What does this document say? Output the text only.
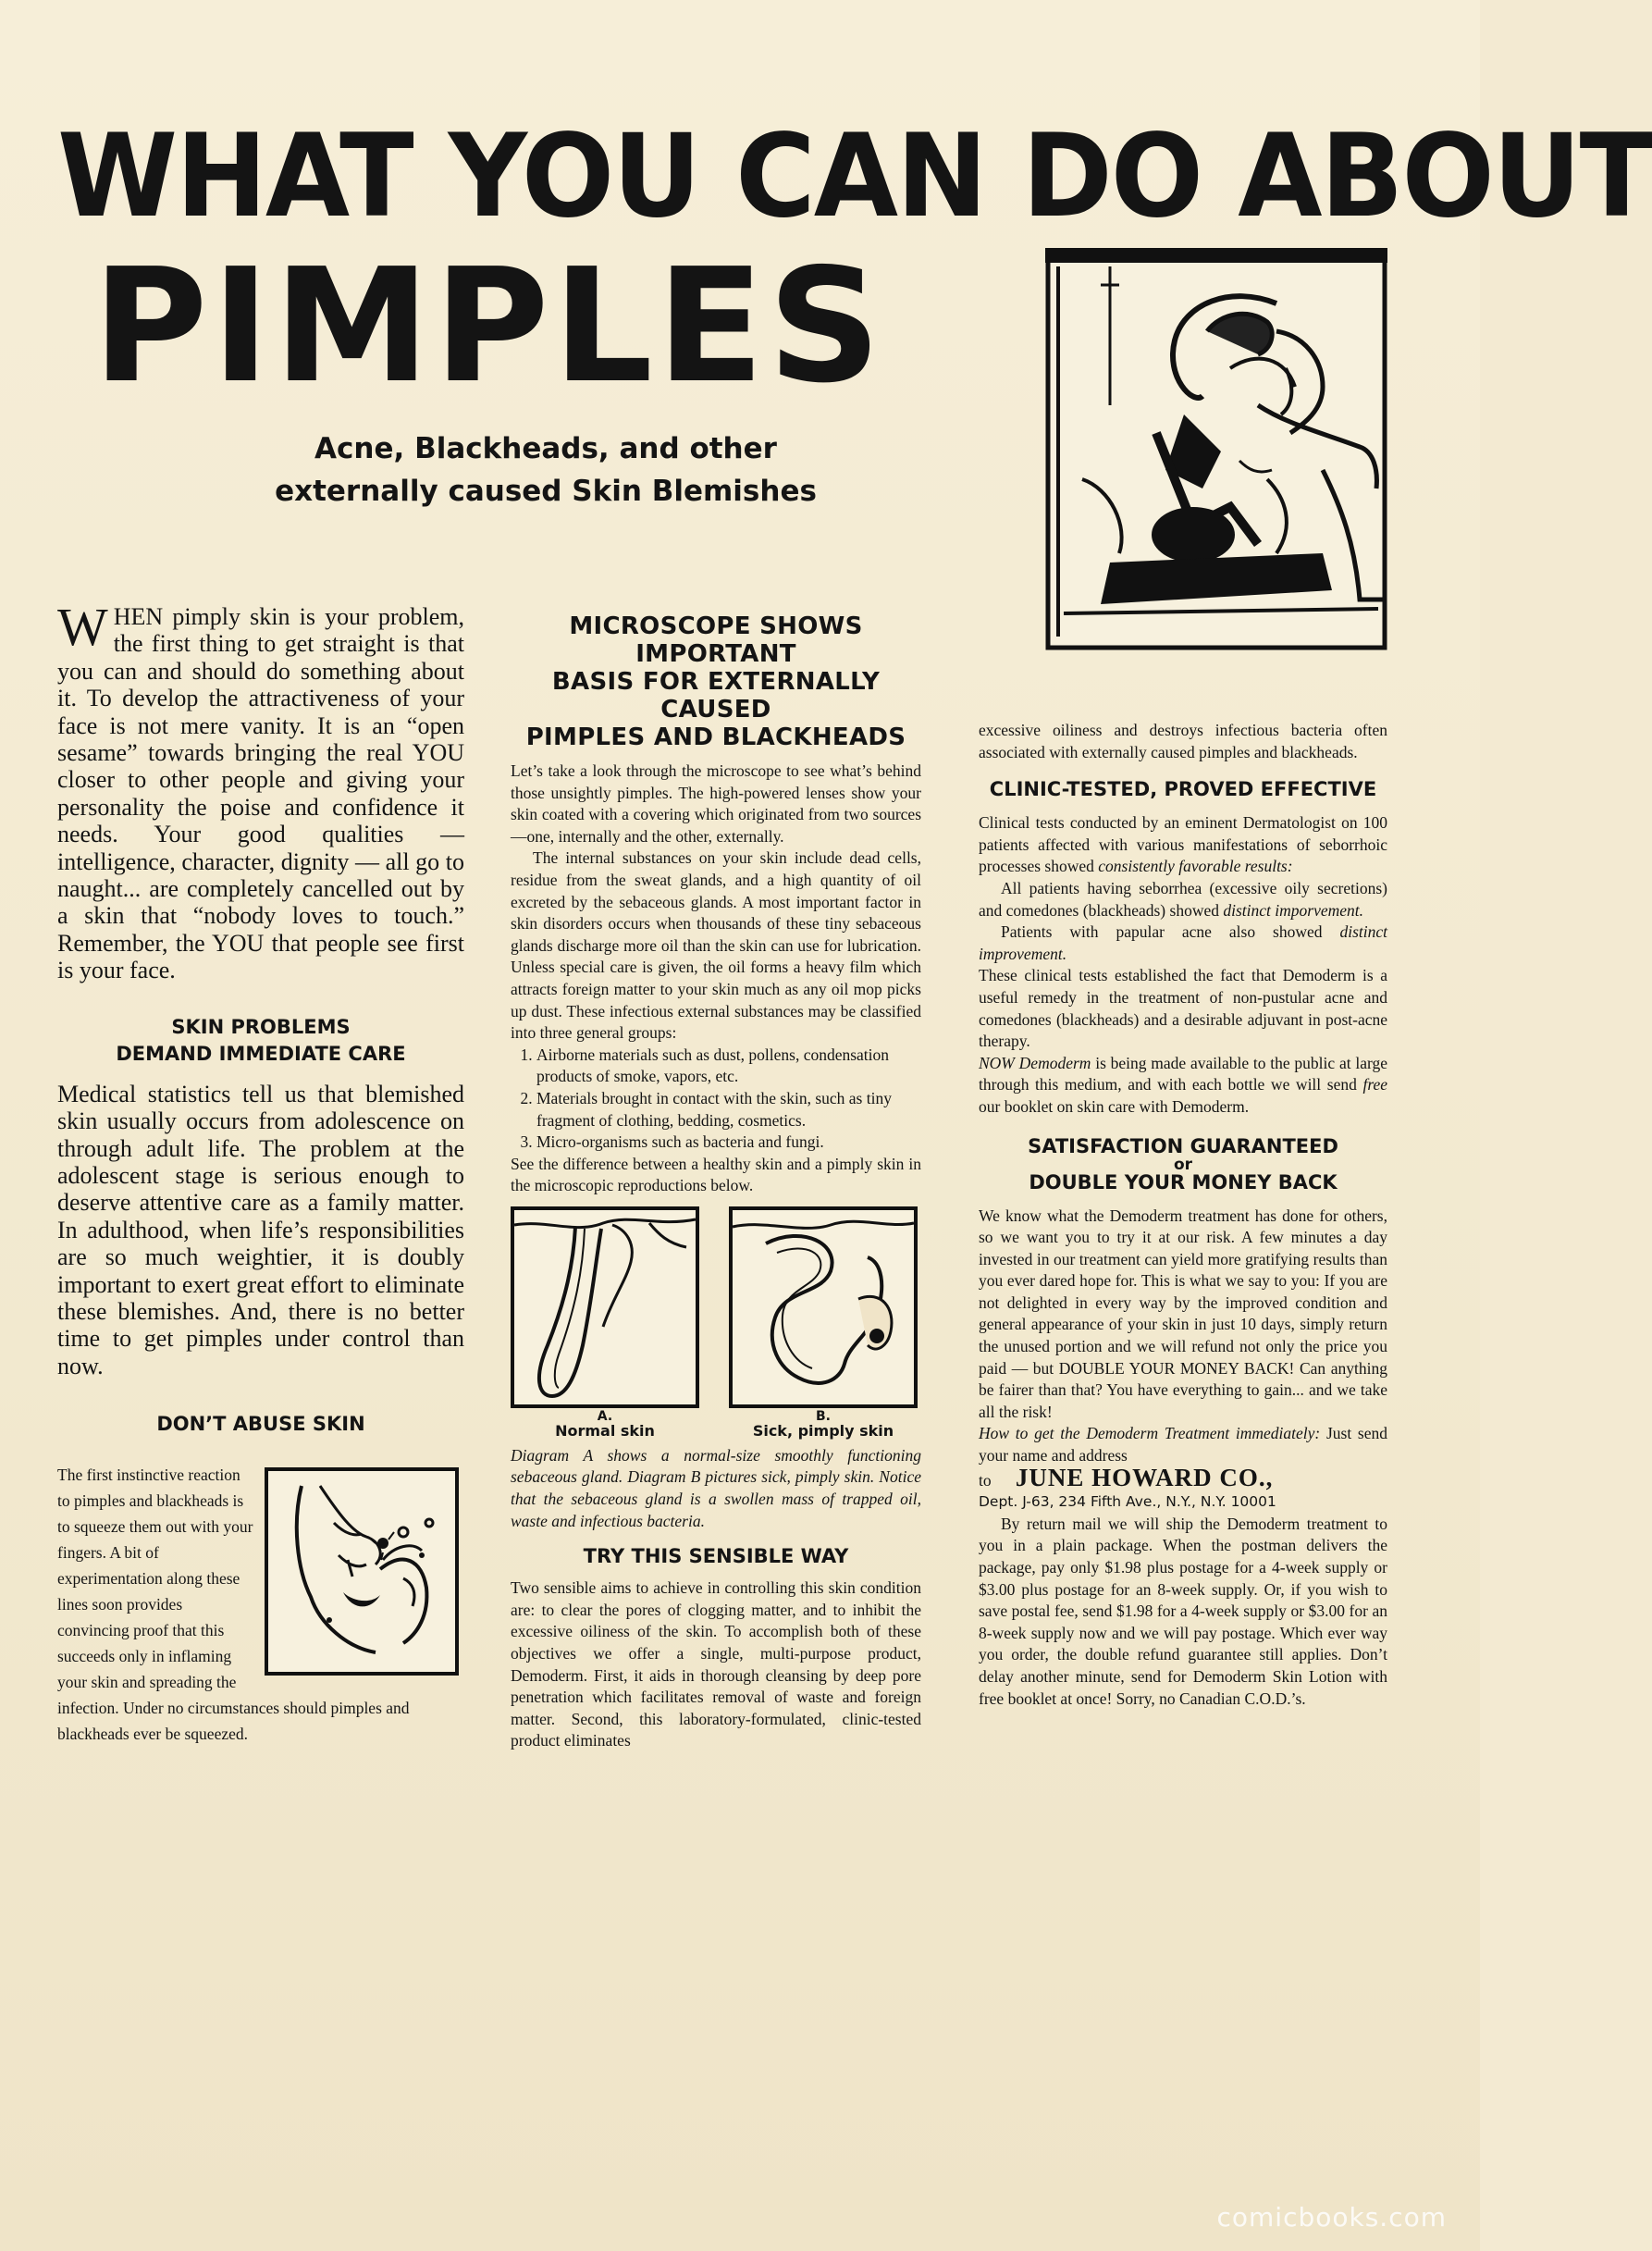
WHAT YOU CAN DO ABOUT
PIMPLES
Acne, Blackheads, and other
externally caused Skin Blemishes

WHEN pimply skin is your problem, the first thing to get straight is that you can and should do something about it. To develop the attractiveness of your face is not mere vanity. It is an “open sesame” towards bringing the real YOU closer to other people and giving your personality the poise and confidence it needs. Your good qualities — intelligence, character, dignity — all go to naught... are completely cancelled out by a skin that “nobody loves to touch.” Remember, the YOU that people see first is your face.

SKIN PROBLEMS

DEMAND IMMEDIATE CARE

Medical statistics tell us that blemished skin usually occurs from adolescence on through adult life. The problem at the adolescent stage is serious enough to deserve attentive care as a family matter. In adulthood, when life’s responsibilities are so much weightier, it is doubly important to exert great effort to eliminate these blemishes. And, there is no better time to get pimples under control than now.

DON’T ABUSE SKIN

The first instinctive reaction to pimples and blackheads is to squeeze them out with your fingers. A bit of experimentation along these lines soon provides convincing proof that this succeeds only in inflaming your skin and spreading the infection. Under no circumstances should pimples and blackheads ever be squeezed.

MICROSCOPE SHOWS IMPORTANT

BASIS FOR EXTERNALLY CAUSED

PIMPLES AND BLACKHEADS

Let’s take a look through the microscope to see what’s behind those unsightly pimples. The high-powered lenses show your skin coated with a covering which originated from two sources—one, internally and the other, externally.

The internal substances on your skin include dead cells, residue from the sweat glands, and a high quantity of oil excreted by the sebaceous glands. A most important factor in skin disorders occurs when thousands of these tiny sebaceous glands discharge more oil than the skin can use for lubrication. Unless special care is given, the oil forms a heavy film which attracts foreign matter to your skin much as any oil mop picks up dust. These infectious external substances may be classified into three general groups:

1. Airborne materials such as dust, pollens, condensation products of smoke, vapors, etc.
2. Materials brought in contact with the skin, such as tiny fragment of clothing, bedding, cosmetics.
3. Micro-organisms such as bacteria and fungi.

See the difference between a healthy skin and a pimply skin in the microscopic reproductions below.

A.
Normal skin
B.
Sick, pimply skin

Diagram A shows a normal-size smoothly functioning sebaceous gland. Diagram B pictures sick, pimply skin. Notice that the sebaceous gland is a swollen mass of trapped oil, waste and infectious bacteria.

TRY THIS SENSIBLE WAY

Two sensible aims to achieve in controlling this skin condition are: to clear the pores of clogging matter, and to inhibit the excessive oiliness of the skin. To accomplish both of these objectives we offer a single, multi-purpose product, Demoderm. First, it aids in thorough cleansing by deep pore penetration which facilitates removal of waste and foreign matter. Second, this laboratory-formulated, clinic-tested product eliminates

excessive oiliness and destroys infectious bacteria often associated with externally caused pimples and blackheads.

CLINIC-TESTED, PROVED EFFECTIVE

Clinical tests conducted by an eminent Dermatologist on 100 patients affected with various manifestations of seborrhoic processes showed consistently favorable results:

All patients having seborrhea (excessive oily secretions) and comedones (blackheads) showed distinct imporvement.

Patients with papular acne also showed distinct improvement.

These clinical tests established the fact that Demoderm is a useful remedy in the treatment of non-pustular acne and comedones (blackheads) and a desirable adjuvant in post-acne therapy.

NOW Demoderm is being made available to the public at large through this medium, and with each bottle we will send free our booklet on skin care with Demoderm.

SATISFACTION GUARANTEED

or

DOUBLE YOUR MONEY BACK

We know what the Demoderm treatment has done for others, so we want you to try it at our risk. A few minutes a day invested in our treatment can yield more gratifying results than you ever dared hope for. This is what we say to you: If you are not delighted in every way by the improved condition and general appearance of your skin in just 10 days, simply return the unused portion and we will refund not only the price you paid — but DOUBLE YOUR MONEY BACK! Can anything be fairer than that? You have everything to gain... and we take all the risk!

How to get the Demoderm Treatment immediately: Just send your name and address

to JUNE HOWARD CO.,

Dept. J-63, 234 Fifth Ave., N.Y., N.Y. 10001

By return mail we will ship the Demoderm treatment to you in a plain package. When the postman delivers the package, pay only $1.98 plus postage for a 4-week supply or $3.00 plus postage for an 8-week supply. Or, if you wish to save postal fee, send $1.98 for a 4-week supply or $3.00 for an 8-week supply now and we will pay postage. Which ever way you order, the double refund guarantee still applies. Don’t delay another minute, send for Demoderm Skin Lotion with free booklet at once! Sorry, no Canadian C.O.D.’s.

comicbooks.com
